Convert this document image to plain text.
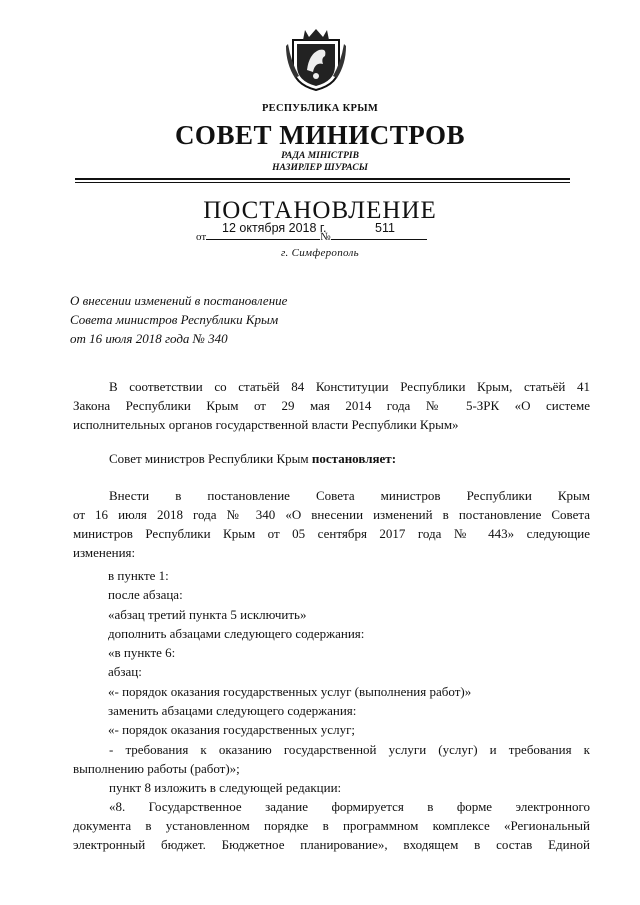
РЕСПУБЛИКА КРЫМ
СОВЕТ МИНИСТРОВ
РАДА МІНІСТРІВ
НАЗИРЛЕР ШУРАСЫ
ПОСТАНОВЛЕНИЕ
12 октября 2018 г.	511
от	№
г. Симферополь
О внесении изменений в постановление
Совета министров Республики Крым
от 16 июля 2018 года № 340
В соответствии со статьёй 84 Конституции Республики Крым, статьёй 41
Закона Республики Крым от 29 мая 2014 года № 5-ЗРК «О системе
исполнительных органов государственной власти Республики Крым»
Совет министров Республики Крым постановляет:
Внести в постановление Совета министров Республики Крым
от 16 июля 2018 года № 340 «О внесении изменений в постановление Совета
министров Республики Крым от 05 сентября 2017 года № 443» следующие
изменения:
в пункте 1:
после абзаца:
«абзац третий пункта 5 исключить»
дополнить абзацами следующего содержания:
«в пункте 6:
абзац:
«- порядок оказания государственных услуг (выполнения работ)»
заменить абзацами следующего содержания:
«- порядок оказания государственных услуг;
- требования к оказанию государственной услуги (услуг) и требования к
выполнению работы (работ)»;
пункт 8 изложить в следующей редакции:
«8. Государственное задание формируется в форме электронного
документа в установленном порядке в программном комплексе «Региональный
электронный бюджет. Бюджетное планирование», входящем в состав Единой
